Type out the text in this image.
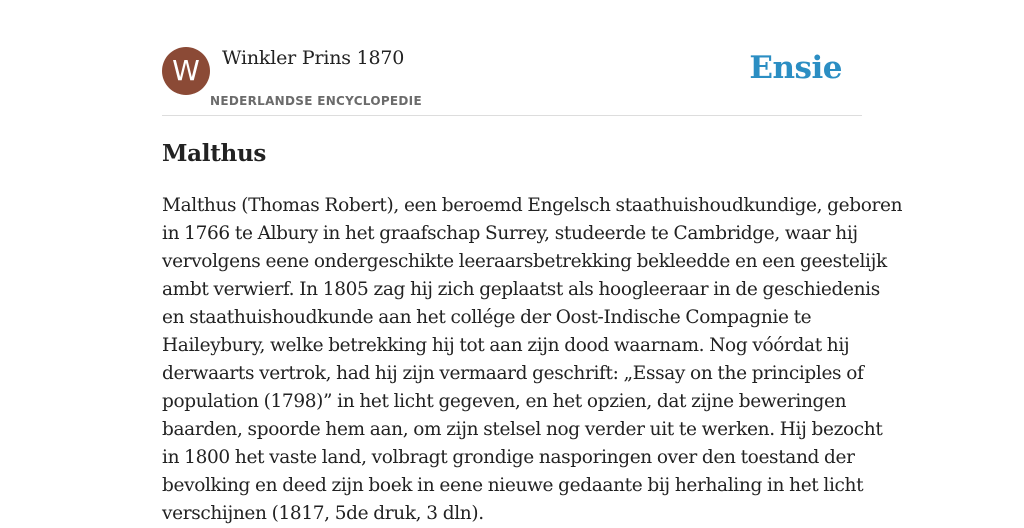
W	Winkler Prins 1870
NEDERLANDSE ENCYCLOPEDIE
Ensie
Malthus
Malthus (Thomas Robert), een beroemd Engelsch staathuishoudkundige, geboren
in 1766 te Albury in het graafschap Surrey, studeerde te Cambridge, waar hij
vervolgens eene ondergeschikte leeraarsbetrekking bekleedde en een geestelijk
ambt verwierf. In 1805 zag hij zich geplaatst als hoogleeraar in de geschiedenis
en staathuishoudkunde aan het collége der Oost-Indische Compagnie te
Haileybury, welke betrekking hij tot aan zijn dood waarnam. Nog vóórdat hij
derwaarts vertrok, had hij zijn vermaard geschrift: „Essay on the principles of
population (1798)” in het licht gegeven, en het opzien, dat zijne beweringen
baarden, spoorde hem aan, om zijn stelsel nog verder uit te werken. Hij bezocht
in 1800 het vaste land, volbragt grondige nasporingen over den toestand der
bevolking en deed zijn boek in eene nieuwe gedaante bij herhaling in het licht
verschijnen (1817, 5de druk, 3 dln).
